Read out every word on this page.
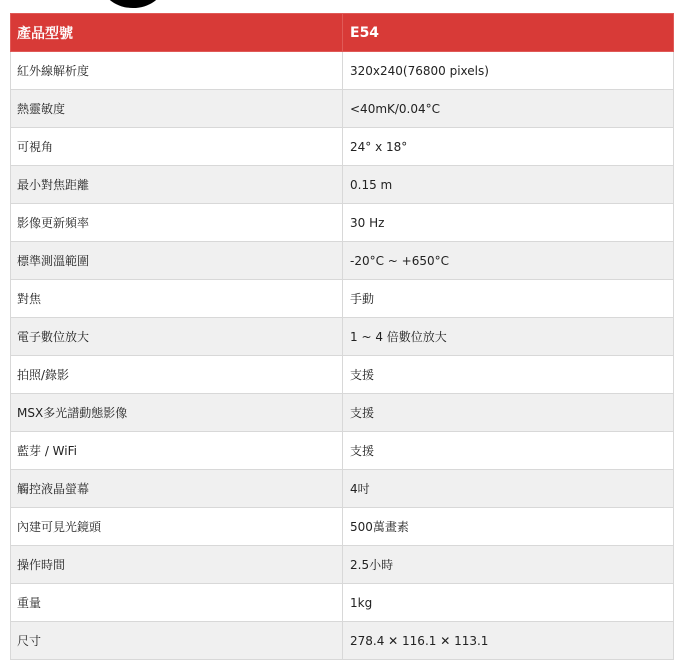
產品型號	E54
紅外線解析度	320x240(76800 pixels)
熱靈敏度	<40mK/0.04°C
可視角	24° x 18°
最小對焦距離	0.15 m
影像更新頻率	30 Hz
標準測溫範圍	-20°C ~ +650°C
對焦	手動
電子數位放大	1 ~ 4 倍數位放大
拍照/錄影	支援
MSX多光譜動態影像	支援
藍芽 / WiFi	支援
觸控液晶螢幕	4吋
內建可見光鏡頭	500萬畫素
操作時間	2.5小時
重量	1kg
尺寸	278.4 ✕ 116.1 ✕ 113.1
